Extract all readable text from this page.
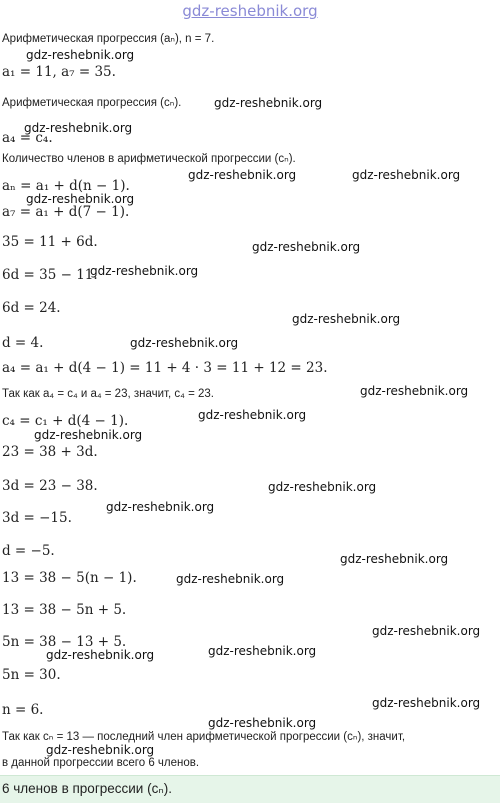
gdz-reshebnik.org
Арифметическая прогрессия (aₙ), n = 7.
a₁ = 11, a₇ = 35.
Арифметическая прогрессия (cₙ).
a₄ = c₄.
Количество членов в арифметической прогрессии (cₙ).
aₙ = a₁ + d(n − 1).
a₇ = a₁ + d(7 − 1).
35 = 11 + 6d.
6d = 35 − 11.
6d = 24.
d = 4.
a₄ = a₁ + d(4 − 1) = 11 + 4 · 3 = 11 + 12 = 23.
Так как a₄ = c₄ и a₄ = 23, значит, c₄ = 23.
c₄ = c₁ + d(4 − 1).
23 = 38 + 3d.
3d = 23 − 38.
3d = −15.
d = −5.
13 = 38 − 5(n − 1).
13 = 38 − 5n + 5.
5n = 38 − 13 + 5.
5n = 30.
n = 6.
Так как cₙ = 13 — последний член арифметической прогрессии (cₙ), значит,
в данной прогрессии всего 6 членов.
6 членов в прогрессии (cₙ).
gdz-reshebnik.org
gdz-reshebnik.org
gdz-reshebnik.org
gdz-reshebnik.org	gdz-reshebnik.org
gdz-reshebnik.org
gdz-reshebnik.org
gdz-reshebnik.org
gdz-reshebnik.org
gdz-reshebnik.org
gdz-reshebnik.org
gdz-reshebnik.org
gdz-reshebnik.org
gdz-reshebnik.org
gdz-reshebnik.org
gdz-reshebnik.org
gdz-reshebnik.org
gdz-reshebnik.org
gdz-reshebnik.org
gdz-reshebnik.org
gdz-reshebnik.org
gdz-reshebnik.org
gdz-reshebnik.org
